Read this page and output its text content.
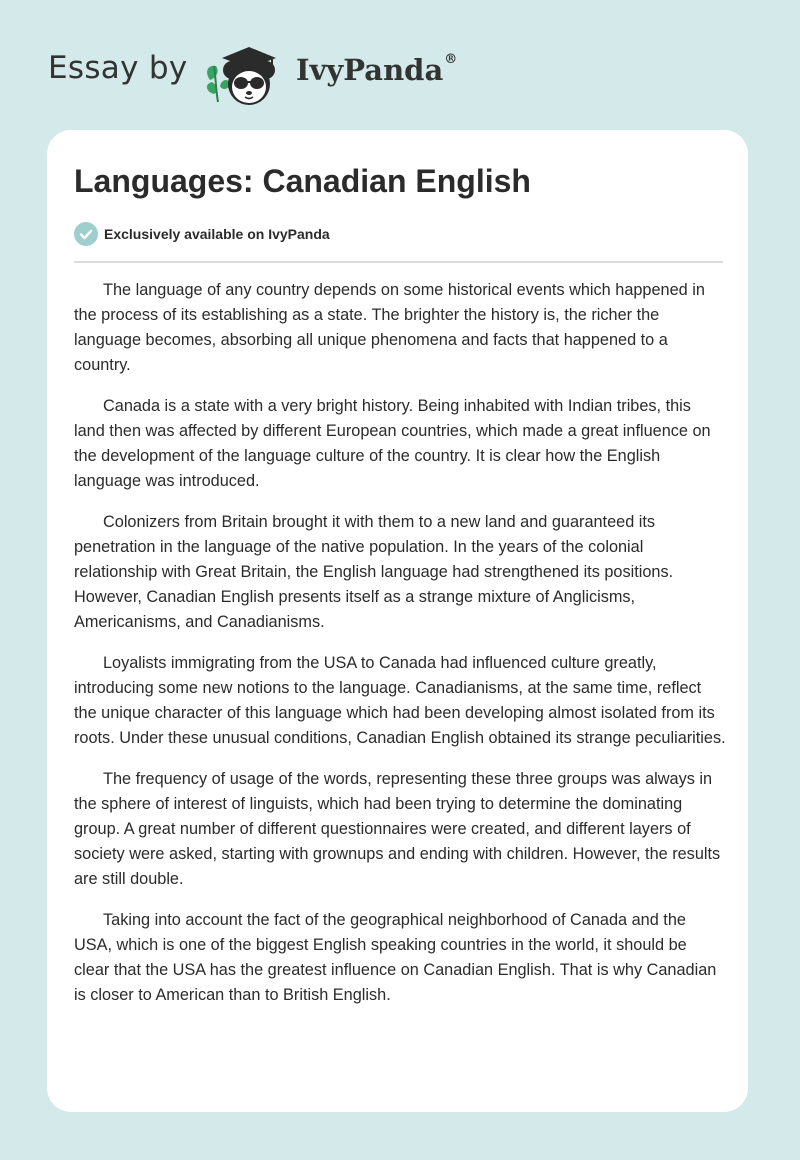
Essay by	IvyPanda®
Languages: Canadian English
Exclusively available on IvyPanda

The language of any country depends on some historical events which happened in the process of its establishing as a state. The brighter the history is, the richer the language becomes, absorbing all unique phenomena and facts that happened to a country.

Canada is a state with a very bright history. Being inhabited with Indian tribes, this land then was affected by different European countries, which made a great influence on the development of the language culture of the country. It is clear how the English language was introduced.

Colonizers from Britain brought it with them to a new land and guaranteed its penetration in the language of the native population. In the years of the colonial relationship with Great Britain, the English language had strengthened its positions. However, Canadian English presents itself as a strange mixture of Anglicisms, Americanisms, and Canadianisms.

Loyalists immigrating from the USA to Canada had influenced culture greatly, introducing some new notions to the language. Canadianisms, at the same time, reflect the unique character of this language which had been developing almost isolated from its roots. Under these unusual conditions, Canadian English obtained its strange peculiarities.

The frequency of usage of the words, representing these three groups was always in the sphere of interest of linguists, which had been trying to determine the dominating group. A great number of different questionnaires were created, and different layers of society were asked, starting with grownups and ending with children. However, the results are still double.

Taking into account the fact of the geographical neighborhood of Canada and the USA, which is one of the biggest English speaking countries in the world, it should be clear that the USA has the greatest influence on Canadian English. That is why Canadian is closer to American than to British English.
